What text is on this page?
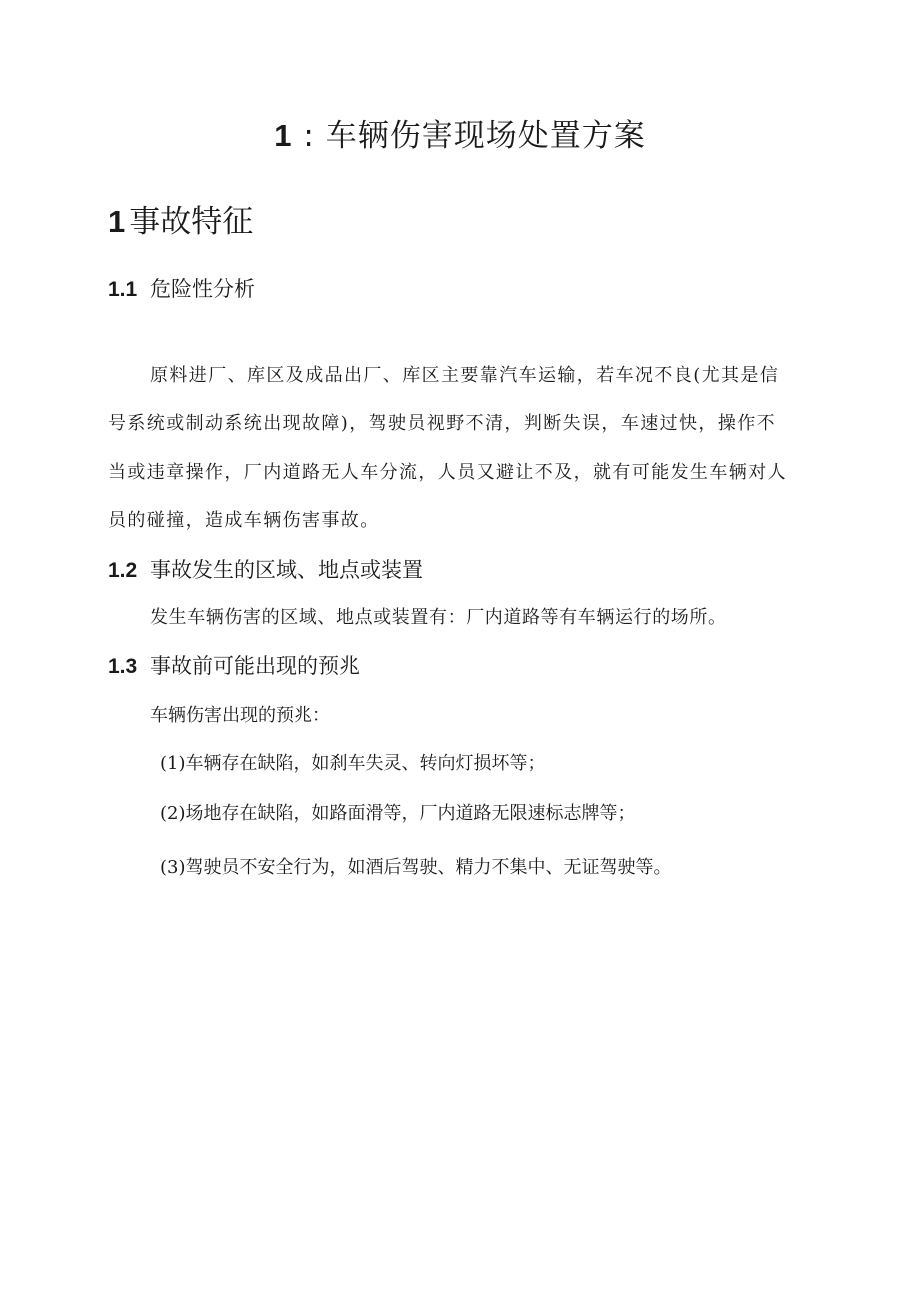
1 : 车辆伤害现场处置方案
1 事故特征
1.1 危险性分析
原料进厂、库区及成品出厂、库区主要靠汽车运输，若车况不良(尤其是信
号系统或制动系统出现故障)，驾驶员视野不清，判断失误，车速过快，操作不
当或违章操作，厂内道路无人车分流，人员又避让不及，就有可能发生车辆对人
员的碰撞，造成车辆伤害事故。
1.2 事故发生的区域、地点或装置
发生车辆伤害的区域、地点或装置有：厂内道路等有车辆运行的场所。
1.3 事故前可能出现的预兆
车辆伤害出现的预兆：
(1)车辆存在缺陷，如刹车失灵、转向灯损坏等；
(2)场地存在缺陷，如路面滑等，厂内道路无限速标志牌等；
(3)驾驶员不安全行为，如酒后驾驶、精力不集中、无证驾驶等。
